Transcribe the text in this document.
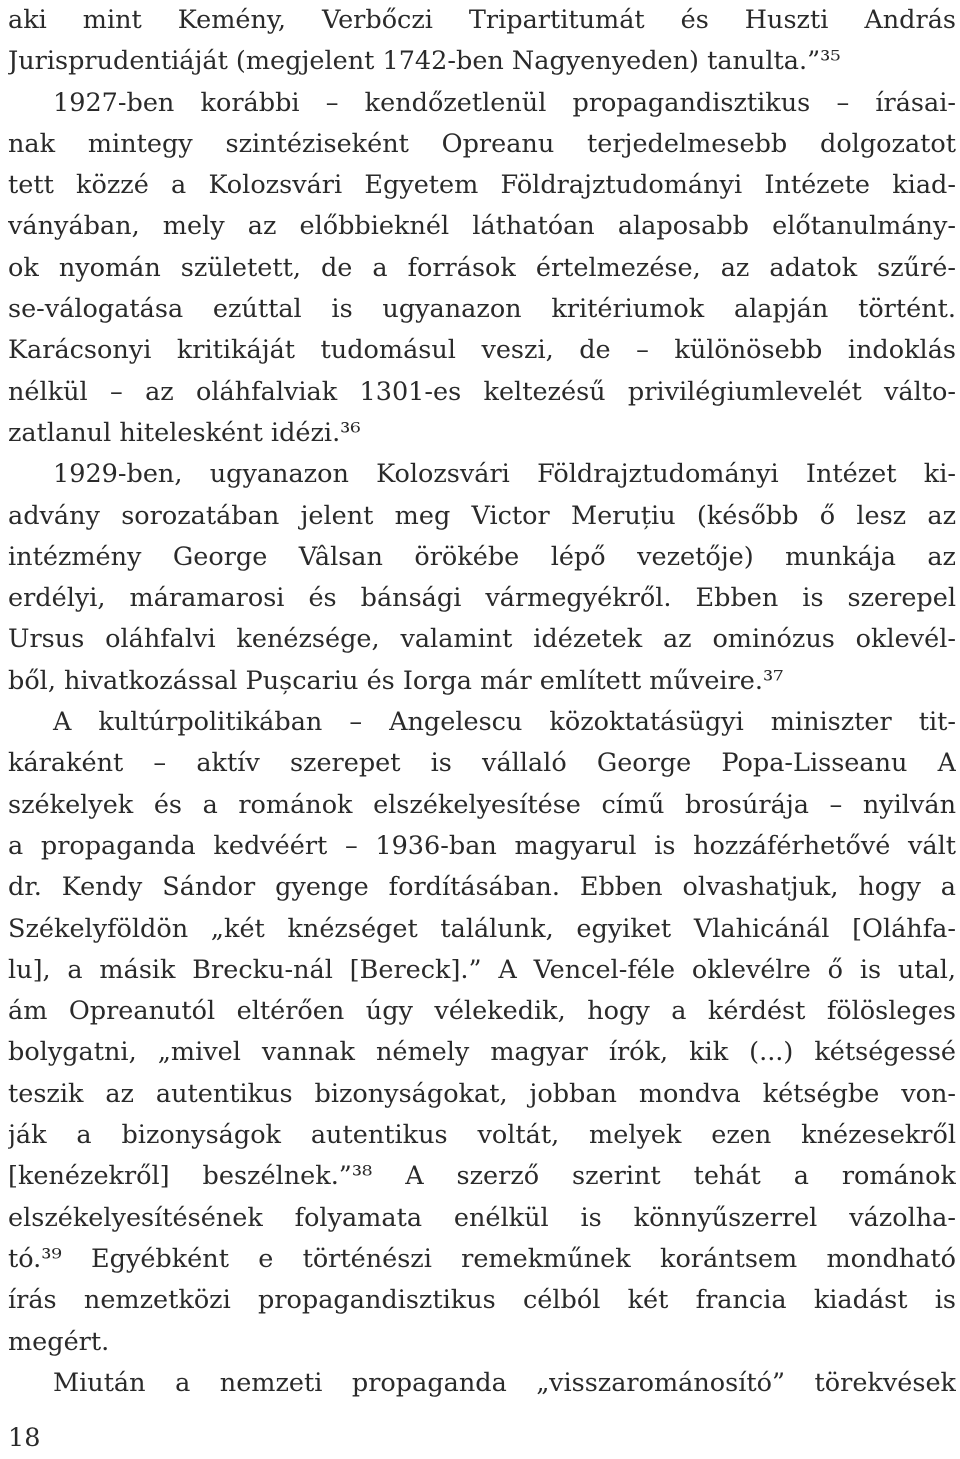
aki mint Kemény, Verbőczi Tripartitumát és Huszti András
Jurisprudentiáját (megjelent 1742-ben Nagyenyeden) tanulta.”³⁵
1927-ben korábbi – kendőzetlenül propagandisztikus – írásai-
nak mintegy szintéziseként Opreanu terjedelmesebb dolgozatot
tett közzé a Kolozsvári Egyetem Földrajztudományi Intézete kiad-
ványában, mely az előbbieknél láthatóan alaposabb előtanulmány-
ok nyomán született, de a források értelmezése, az adatok szűré-
se-válogatása ezúttal is ugyanazon kritériumok alapján történt.
Karácsonyi kritikáját tudomásul veszi, de – különösebb indoklás
nélkül – az oláhfalviak 1301-es keltezésű privilégiumlevelét válto-
zatlanul hitelesként idézi.³⁶
1929-ben, ugyanazon Kolozsvári Földrajztudományi Intézet ki-
advány sorozatában jelent meg Victor Meruțiu (később ő lesz az
intézmény George Vâlsan örökébe lépő vezetője) munkája az
erdélyi, máramarosi és bánsági vármegyékről. Ebben is szerepel
Ursus oláhfalvi kenézsége, valamint idézetek az ominózus oklevél-
ből, hivatkozással Pușcariu és Iorga már említett műveire.³⁷
A kultúrpolitikában – Angelescu közoktatásügyi miniszter tit-
káraként – aktív szerepet is vállaló George Popa-Lisseanu A
székelyek és a románok elszékelyesítése című brosúrája – nyilván
a propaganda kedvéért – 1936-ban magyarul is hozzáférhetővé vált
dr. Kendy Sándor gyenge fordításában. Ebben olvashatjuk, hogy a
Székelyföldön „két knézséget találunk, egyiket Vlahicánál [Oláhfa-
lu], a másik Brecku-nál [Bereck].” A Vencel-féle oklevélre ő is utal,
ám Opreanutól eltérően úgy vélekedik, hogy a kérdést fölösleges
bolygatni, „mivel vannak némely magyar írók, kik (...) kétségessé
teszik az autentikus bizonyságokat, jobban mondva kétségbe von-
ják a bizonyságok autentikus voltát, melyek ezen knézesekről
[kenézekről] beszélnek.”³⁸ A szerző szerint tehát a románok
elszékelyesítésének folyamata enélkül is könnyűszerrel vázolha-
tó.³⁹ Egyébként e történészi remekműnek korántsem mondható
írás nemzetközi propagandisztikus célból két francia kiadást is
megért.
Miután a nemzeti propaganda „visszarománosító” törekvések
18
